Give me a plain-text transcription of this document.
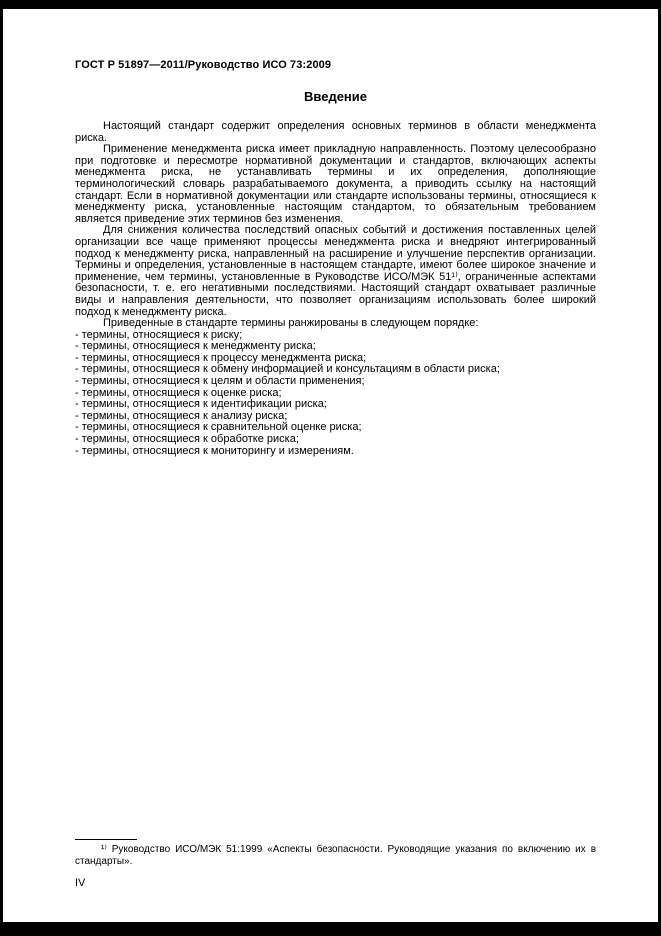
ГОСТ Р 51897—2011/Руководство ИСО 73:2009
Введение

Настоящий стандарт содержит определения основных терминов в области менеджмента риска.

Применение менеджмента риска имеет прикладную направленность. Поэтому целесообразно при подготовке и пересмотре нормативной документации и стандартов, включающих аспекты менеджмента риска, не устанавливать термины и их определения, дополняющие терминологический словарь разрабатываемого документа, а приводить ссылку на настоящий стандарт. Если в нормативной документации или стандарте использованы термины, относящиеся к менеджменту риска, установленные настоящим стандартом, то обязательным требованием является приведение этих терминов без изменения.

Для снижения количества последствий опасных событий и достижения поставленных целей организации все чаще применяют процессы менеджмента риска и внедряют интегрированный подход к менеджменту риска, направленный на расширение и улучшение перспектив организации. Термины и определения, установленные в настоящем стандарте, имеют более широкое значение и применение, чем термины, установленные в Руководстве ИСО/МЭК 51¹⁾, ограниченные аспектами безопасности, т. е. его негативными последствиями. Настоящий стандарт охватывает различные виды и направления деятельности, что позволяет организациям использовать более широкий подход к менеджменту риска.

Приведенные в стандарте термины ранжированы в следующем порядке:

- термины, относящиеся к риску;
- термины, относящиеся к менеджменту риска;
- термины, относящиеся к процессу менеджмента риска;
- термины, относящиеся к обмену информацией и консультациям в области риска;
- термины, относящиеся к целям и области применения;
- термины, относящиеся к оценке риска;
- термины, относящиеся к идентификации риска;
- термины, относящиеся к анализу риска;
- термины, относящиеся к сравнительной оценке риска;
- термины, относящиеся к обработке риска;
- термины, относящиеся к мониторингу и измерениям.

¹⁾ Руководство ИСО/МЭК 51:1999 «Аспекты безопасности. Руководящие указания по включению их в стандарты».

IV
